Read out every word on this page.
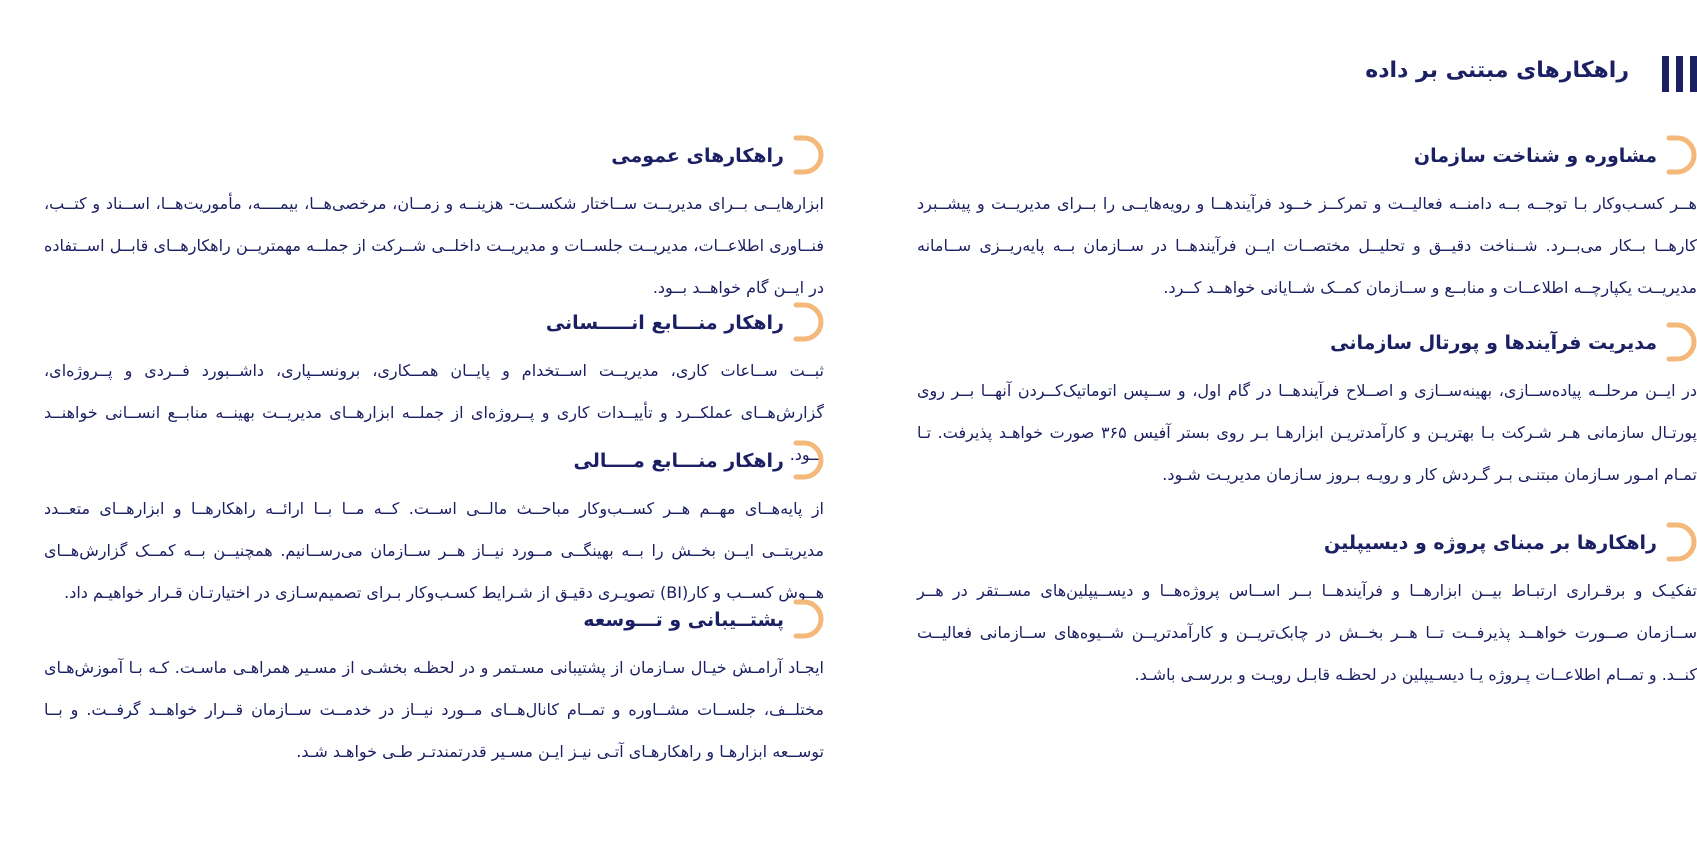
راهکارهای مبتنی بر داده
مشاوره و شناخت سازمان

هــر کسـب‌وکار بـا توجــه بــه دامنــه فعالیــت و تمرکــز خــود فرآیندهــا و رویه‌هایــی را بــرای مدیریــت و پیشــبرد کارهــا بــکار می‌بــرد. شــناخت دقیــق و تحلیــل مختصــات ایــن فرآیندهــا در ســازمان بــه پایه‌ریــزی ســامانه مدیریــت یکپارچــه اطلاعــات و منابــع و ســازمان کمــک شــایانی خواهــد کــرد.

مدیریت فرآیندها و پورتال سازمانی

در ایــن مرحلــه پیاده‌ســازی، بهینه‌ســازی و اصــلاح فرآیندهــا در گام اول، و ســپس اتوماتیک‌کــردن آنهــا بــر روی پورتـال سازمانی هـر شـرکت بـا بهتریـن و کارآمدتریـن ابزارهـا بـر روی بستر آفیس ۳۶۵ صورت خواهـد پذیرفت. تـا تمـام امـور سـازمان مبتنـی بـر گـردش کار و رویـه بـروز سـازمان مدیریـت شـود.

راهکارها بر مبنای پروژه و دیسیپلین

تفکیـک و برقـراری ارتبـاط بیــن ابزارهــا و فرآیندهــا بــر اســاس پروژه‌هــا و دیســیپلین‌های مســتقر در هــر ســازمان صــورت خواهــد پذیرفــت تــا هــر بخــش در چابک‌تریــن و کارآمدتریــن شــیوه‌های ســازمانی فعالیــت کنــد. و تمــام اطلاعــات پـروژه یـا دیسـیپلین در لحظـه قابـل رویـت و بررسـی باشـد.

راهکارهای عمومی

ابزارهایــی بــرای مدیریــت ســاختار شکســت- هزینــه و زمــان، مرخصی‌هــا، بیمــــه، مأموریت‌هــا، اســناد و کتــب، فنــاوری اطلاعــات، مدیریــت جلســات و مدیریــت داخلــی شــرکت از جملــه مهمتریــن راهکارهــای قابــل اســتفاده در ایــن گام خواهــد بــود.

راهکار منـــابع انـــــسانی

ثبــت ســاعات کاری، مدیریــت اســتخدام و پایــان همــکاری، برونســپاری، داشــبورد فــردی و پــروژه‌ای، گزارش‌هــای عملکــرد و تأییــدات کاری و پــروژه‌ای از جملــه ابزارهــای مدیریــت بهینــه منابــع انســانی خواهنــد بــود.

راهکار منـــابع مــــالی

از پایه‌هــای مهــم هــر کســب‌وکار مباحــث مالــی اســت. کــه مــا بــا ارائــه راهکارهــا و ابزارهــای متعــدد مدیریتــی ایــن بخــش را بــه بهینگــی مــورد نیــاز هــر ســازمان می‌رســانیم. همچنیــن بــه کمــک گزارش‌هــای هــوش کســب و کار(BI) تصویـری دقیـق از شـرایط کسـب‌وکار بـرای تصمیم‌سـازی در اختیارتـان قـرار خواهیـم داد.

پشتــیبانی و تـــوسعه

ایجـاد آرامـش خیـال سـازمان از پشتیبانی مسـتمر و در لحظـه بخشـی از مسـیر همراهـی ماسـت. کـه بـا آموزش‌هـای مختلــف، جلســات مشــاوره و تمــام کانال‌هــای مــورد نیــاز در خدمــت ســازمان قــرار خواهــد گرفــت. و بــا توســعه ابزارهـا و راهکارهـای آتـی نیـز ایـن مسـیر قدرتمندتـر طـی خواهـد شـد.
